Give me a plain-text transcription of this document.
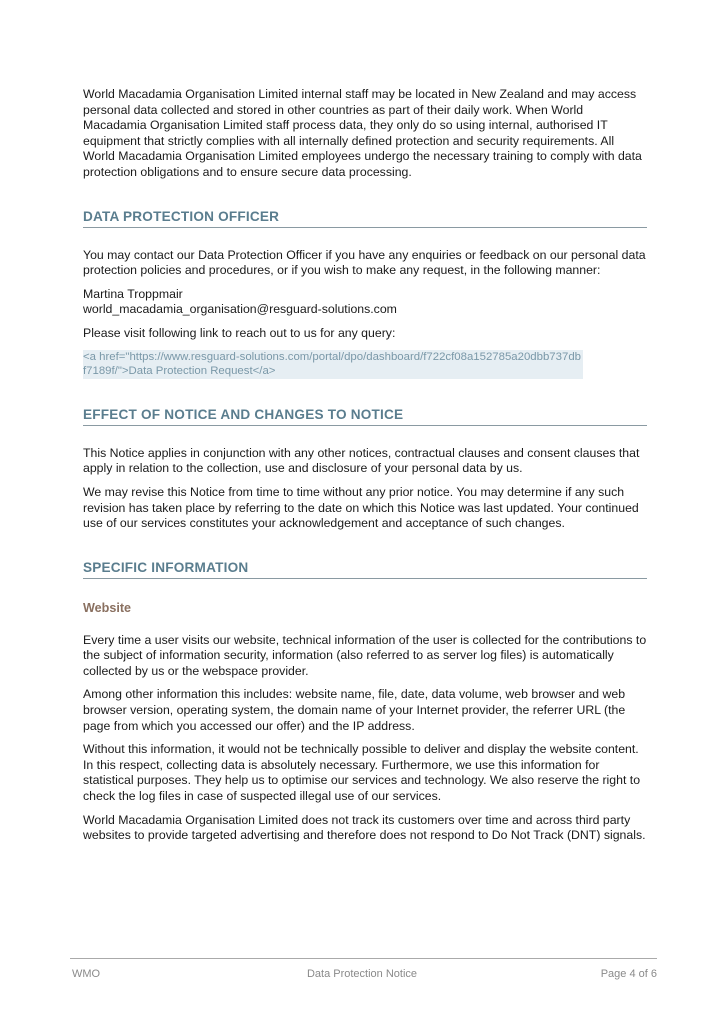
World Macadamia Organisation Limited internal staff may be located in New Zealand and may access personal data collected and stored in other countries as part of their daily work. When World Macadamia Organisation Limited staff process data, they only do so using internal, authorised IT equipment that strictly complies with all internally defined protection and security requirements. All World Macadamia Organisation Limited employees undergo the necessary training to comply with data protection obligations and to ensure secure data processing.

DATA PROTECTION OFFICER

You may contact our Data Protection Officer if you have any enquiries or feedback on our personal data protection policies and procedures, or if you wish to make any request, in the following manner:

Martina Troppmair
world_macadamia_organisation@resguard-solutions.com

Please visit following link to reach out to us for any query:

<a href="https://www.resguard-solutions.com/portal/dpo/dashboard/f722cf08a152785a20dbb737dbf7189f/">Data Protection Request</a>
EFFECT OF NOTICE AND CHANGES TO NOTICE

This Notice applies in conjunction with any other notices, contractual clauses and consent clauses that apply in relation to the collection, use and disclosure of your personal data by us.

We may revise this Notice from time to time without any prior notice. You may determine if any such revision has taken place by referring to the date on which this Notice was last updated. Your continued use of our services constitutes your acknowledgement and acceptance of such changes.

SPECIFIC INFORMATION
Website

Every time a user visits our website, technical information of the user is collected for the contributions to the subject of information security, information (also referred to as server log files) is automatically collected by us or the webspace provider.

Among other information this includes: website name, file, date, data volume, web browser and web browser version, operating system, the domain name of your Internet provider, the referrer URL (the page from which you accessed our offer) and the IP address.

Without this information, it would not be technically possible to deliver and display the website content. In this respect, collecting data is absolutely necessary. Furthermore, we use this information for statistical purposes. They help us to optimise our services and technology. We also reserve the right to check the log files in case of suspected illegal use of our services.

World Macadamia Organisation Limited does not track its customers over time and across third party websites to provide targeted advertising and therefore does not respond to Do Not Track (DNT) signals.

WMO	Data Protection Notice	Page 4 of 6
